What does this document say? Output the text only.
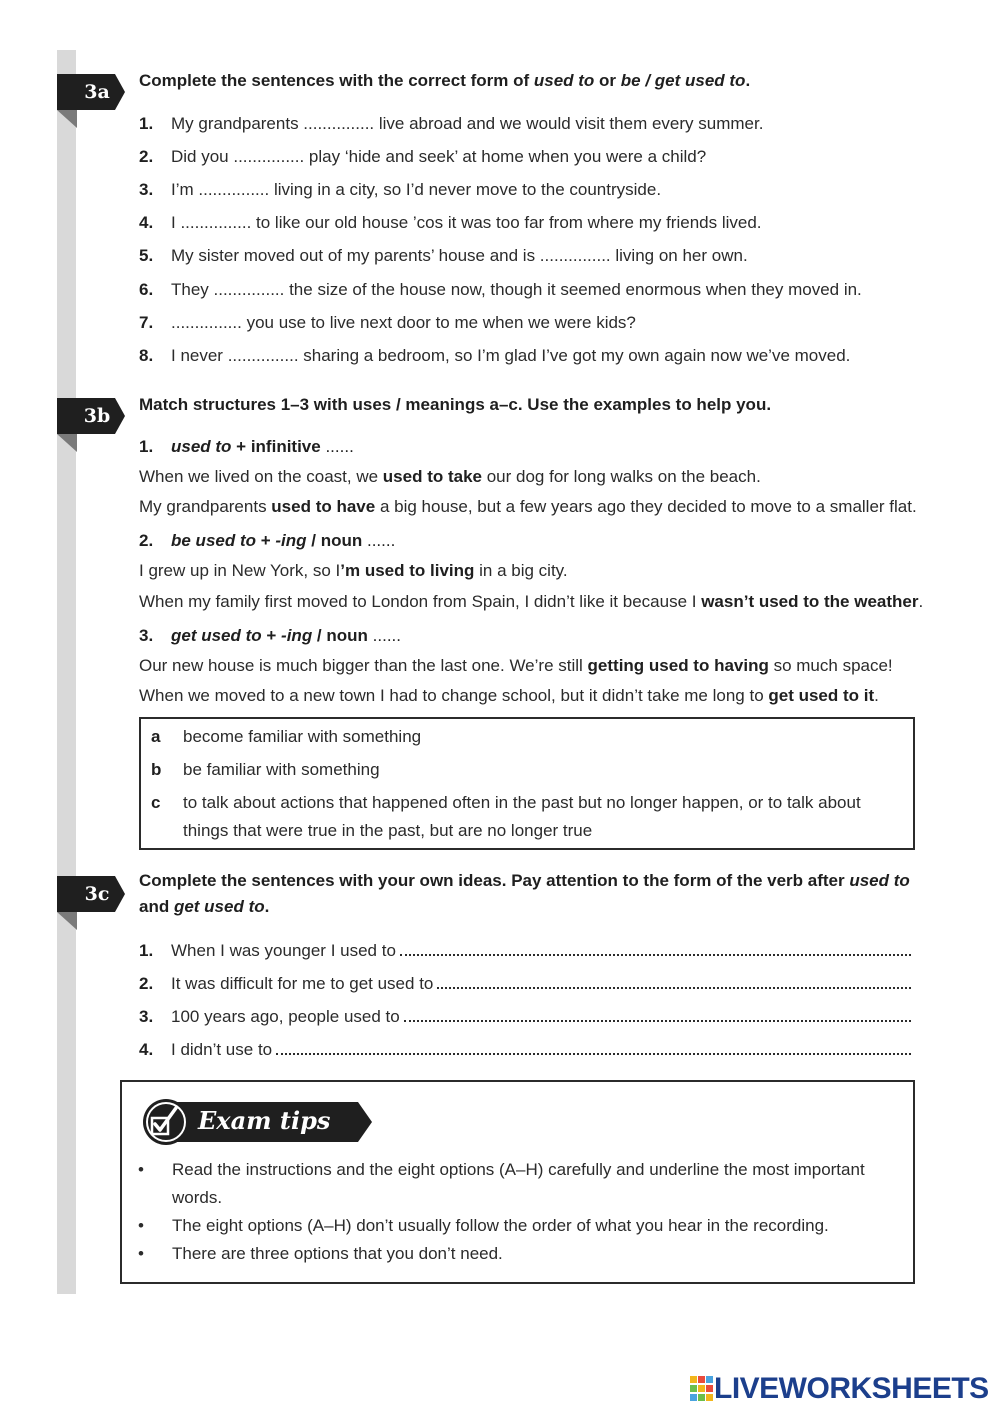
3a
Complete the sentences with the correct form of used to or be / get used to.
1. My grandparents ............... live abroad and we would visit them every summer.
2. Did you ............... play ‘hide and seek’ at home when you were a child?
3. I’m ............... living in a city, so I’d never move to the countryside.
4. I ............... to like our old house ’cos it was too far from where my friends lived.
5. My sister moved out of my parents’ house and is ............... living on her own.
6. They ............... the size of the house now, though it seemed enormous when they moved in.
7. ............... you use to live next door to me when we were kids?
8. I never ............... sharing a bedroom, so I’m glad I’ve got my own again now we’ve moved.
3b
Match structures 1–3 with uses / meanings a–c. Use the examples to help you.
1. used to + infinitive ......
When we lived on the coast, we used to take our dog for long walks on the beach.
My grandparents used to have a big house, but a few years ago they decided to move to a smaller flat.
2. be used to + -ing / noun ......
I grew up in New York, so I’m used to living in a big city.
When my family first moved to London from Spain, I didn’t like it because I wasn’t used to the weather.
3. get used to + -ing / noun ......
Our new house is much bigger than the last one. We’re still getting used to having so much space!
When we moved to a new town I had to change school, but it didn’t take me long to get used to it.
a become familiar with something
b be familiar with something
c to talk about actions that happened often in the past but no longer happen, or to talk about things that were true in the past, but are no longer true
3c
Complete the sentences with your own ideas. Pay attention to the form of the verb after used to and get used to.
1.	When I was younger I used to
2.	It was difficult for me to get used to
3.	100 years ago, people used to
4.	I didn’t use to
Exam tips
• Read the instructions and the eight options (A–H) carefully and underline the most important words.
• The eight options (A–H) don’t usually follow the order of what you hear in the recording.
• There are three options that you don’t need.
LIVEWORKSHEETS
